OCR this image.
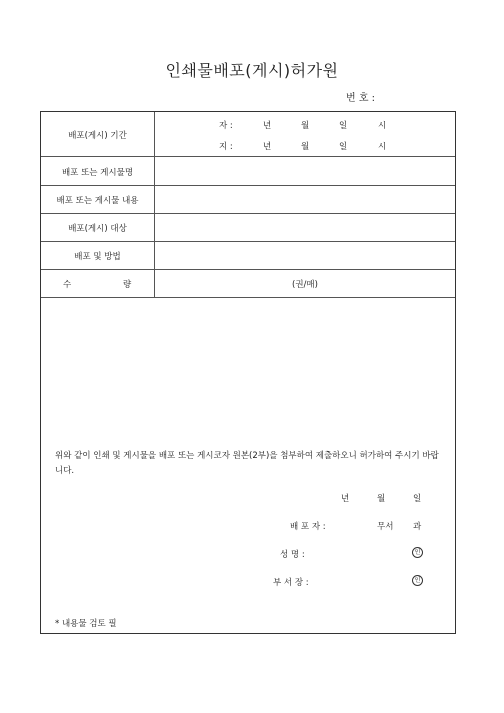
인쇄물배포(게시)허가원
번 호 :
배포(게시) 기간
자 :	년	월	일	시
지 :	년	월	일	시
배포 또는 게시물명
배포 또는 게시물 내용
배포(게시) 대상
배포 및 방법
수	량	(권/매)
위와 같이 인쇄 및 게시물을 배포 또는 게시코자 원본(2부)을 첨부하여 제출하오니 허가하여 주시기 바랍니다.
년	월	일
배 포 자 :	무서 과
성 명 :	인
부 서 장 :	인
* 내용물 검토 필
